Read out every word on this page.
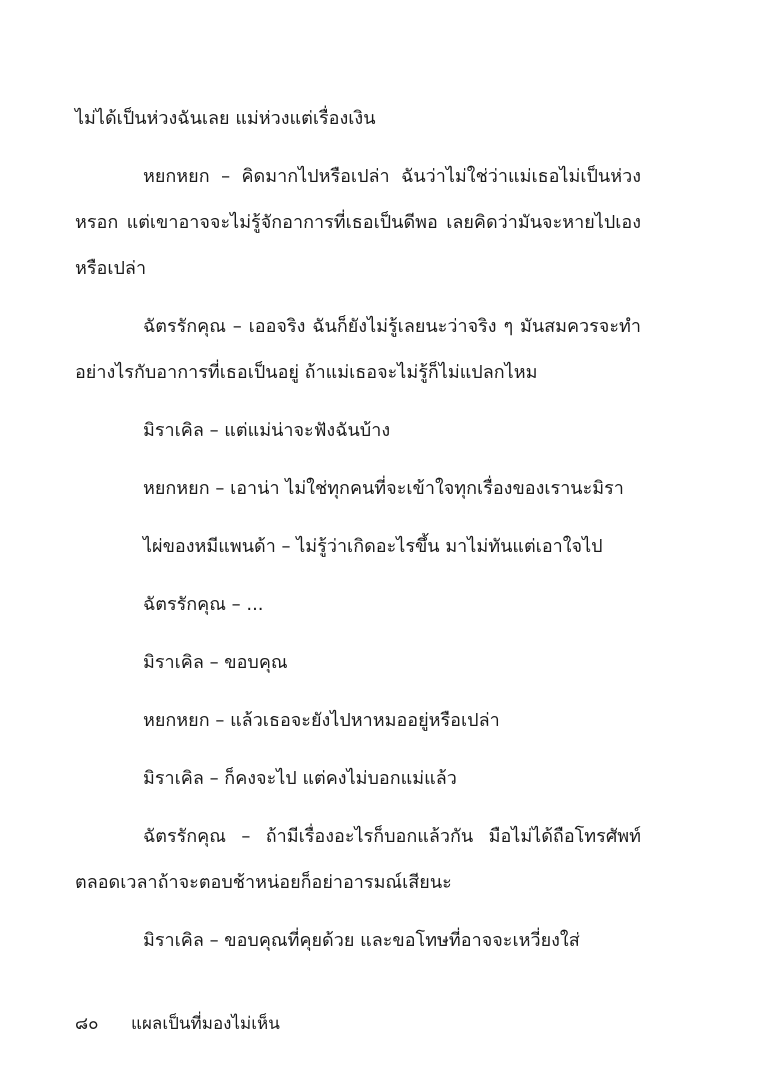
ไม่ได้เป็นห่วงฉันเลย แม่ห่วงแต่เรื่องเงิน

หยกหยก – คิดมากไปหรือเปล่า ฉันว่าไม่ใช่ว่าแม่เธอไม่เป็นห่วงหรอก แต่เขาอาจจะไม่รู้จักอาการที่เธอเป็นดีพอ เลยคิดว่ามันจะหายไปเองหรือเปล่า

ฉัตรรักคุณ – เออจริง ฉันก็ยังไม่รู้เลยนะว่าจริง ๆ มันสมควรจะทำอย่างไรกับอาการที่เธอเป็นอยู่ ถ้าแม่เธอจะไม่รู้ก็ไม่แปลกไหม

มิราเคิล – แต่แม่น่าจะฟังฉันบ้าง

หยกหยก – เอาน่า ไม่ใช่ทุกคนที่จะเข้าใจทุกเรื่องของเรานะมิรา

ไผ่ของหมีแพนด้า – ไม่รู้ว่าเกิดอะไรขึ้น มาไม่ทันแต่เอาใจไป

ฉัตรรักคุณ – ...

มิราเคิล – ขอบคุณ

หยกหยก – แล้วเธอจะยังไปหาหมออยู่หรือเปล่า

มิราเคิล – ก็คงจะไป แต่คงไม่บอกแม่แล้ว

ฉัตรรักคุณ – ถ้ามีเรื่องอะไรก็บอกแล้วกัน มือไม่ได้ถือโทรศัพท์ตลอดเวลาถ้าจะตอบช้าหน่อยก็อย่าอารมณ์เสียนะ

มิราเคิล – ขอบคุณที่คุยด้วย และขอโทษที่อาจจะเหวี่ยงใส่

๘๐ แผลเป็นที่มองไม่เห็น
